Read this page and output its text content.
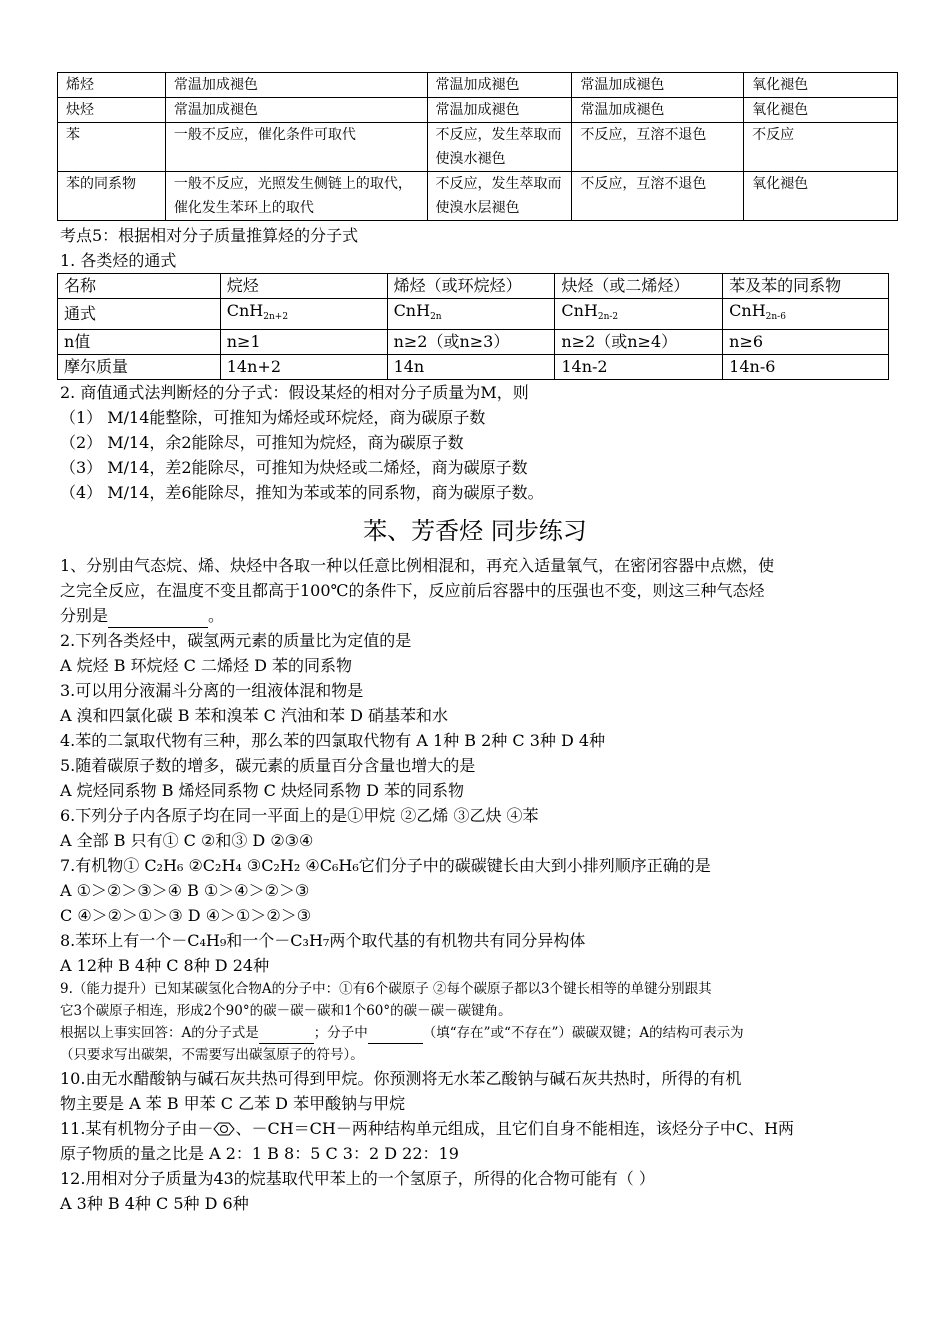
烯烃	常温加成褪色	常温加成褪色	常温加成褪色	氧化褪色
炔烃	常温加成褪色	常温加成褪色	常温加成褪色	氧化褪色
苯	一般不反应，催化条件可取代	不反应，发生萃取而使溴水褪色	不反应，互溶不退色	不反应
苯的同系物	一般不反应，光照发生侧链上的取代，催化发生苯环上的取代	不反应，发生萃取而使溴水层褪色	不反应，互溶不退色	氧化褪色
考点5：根据相对分子质量推算烃的分子式
1. 各类烃的通式
名称	烷烃	烯烃（或环烷烃）	炔烃（或二烯烃）	苯及苯的同系物
通式	CnH$_{2n+2}$	CnH$_{2n}$	CnH$_{2n-2}$	CnH$_{2n-6}$
n值	n≥1	n≥2（或n≥3）	n≥2（或n≥4）	n≥6
摩尔质量	14n+2	14n	14n-2	14n-6
2. 商值通式法判断烃的分子式：假设某烃的相对分子质量为M，则
（1） M/14能整除，可推知为烯烃或环烷烃，商为碳原子数
（2） M/14，余2能除尽，可推知为烷烃，商为碳原子数
（3） M/14，差2能除尽，可推知为炔烃或二烯烃，商为碳原子数
（4） M/14，差6能除尽，推知为苯或苯的同系物，商为碳原子数。
苯、芳香烃 同步练习
1、分别由气态烷、烯、炔烃中各取一种以任意比例相混和，再充入适量氧气，在密闭容器中点燃，使
之完全反应，在温度不变且都高于100℃的条件下，反应前后容器中的压强也不变，则这三种气态烃
分别是	。
2.下列各类烃中，碳氢两元素的质量比为定值的是
A 烷烃 B 环烷烃 C 二烯烃 D 苯的同系物
3.可以用分液漏斗分离的一组液体混和物是
A 溴和四氯化碳 B 苯和溴苯 C 汽油和苯 D 硝基苯和水
4.苯的二氯取代物有三种，那么苯的四氯取代物有 A 1种 B 2种 C 3种 D 4种
5.随着碳原子数的增多，碳元素的质量百分含量也增大的是
A 烷烃同系物 B 烯烃同系物 C 炔烃同系物 D 苯的同系物
6.下列分子内各原子均在同一平面上的是①甲烷 ②乙烯 ③乙炔 ④苯
A 全部 B 只有① C ②和③ D ②③④
7.有机物① C₂H₆ ②C₂H₄ ③C₂H₂ ④C₆H₆它们分子中的碳碳键长由大到小排列顺序正确的是
A ①＞②＞③＞④ B ①＞④＞②＞③
C ④＞②＞①＞③ D ④＞①＞②＞③
8.苯环上有一个－C₄H₉和一个－C₃H₇两个取代基的有机物共有同分异构体
A 12种 B 4种 C 8种 D 24种
9.（能力提升）已知某碳氢化合物A的分子中：①有6个碳原子 ②每个碳原子都以3个键长相等的单键分别跟其
它3个碳原子相连，形成2个90°的碳－碳－碳和1个60°的碳－碳－碳键角。
根据以上事实回答：A的分子式是	；分子中	（填“存在”或“不存在”）碳碳双键；A的结构可表示为
（只要求写出碳架，不需要写出碳氢原子的符号）。
10.由无水醋酸钠与碱石灰共热可得到甲烷。你预测将无水苯乙酸钠与碱石灰共热时，所得的有机
物主要是 A 苯 B 甲苯 C 乙苯 D 苯甲酸钠与甲烷
11.某有机物分子由－ 、－CH＝CH－两种结构单元组成，且它们自身不能相连，该烃分子中C、H两
原子物质的量之比是 A 2：1 B 8：5 C 3：2 D 22：19
12.用相对分子质量为43的烷基取代甲苯上的一个氢原子，所得的化合物可能有（ ）
A 3种 B 4种 C 5种 D 6种
